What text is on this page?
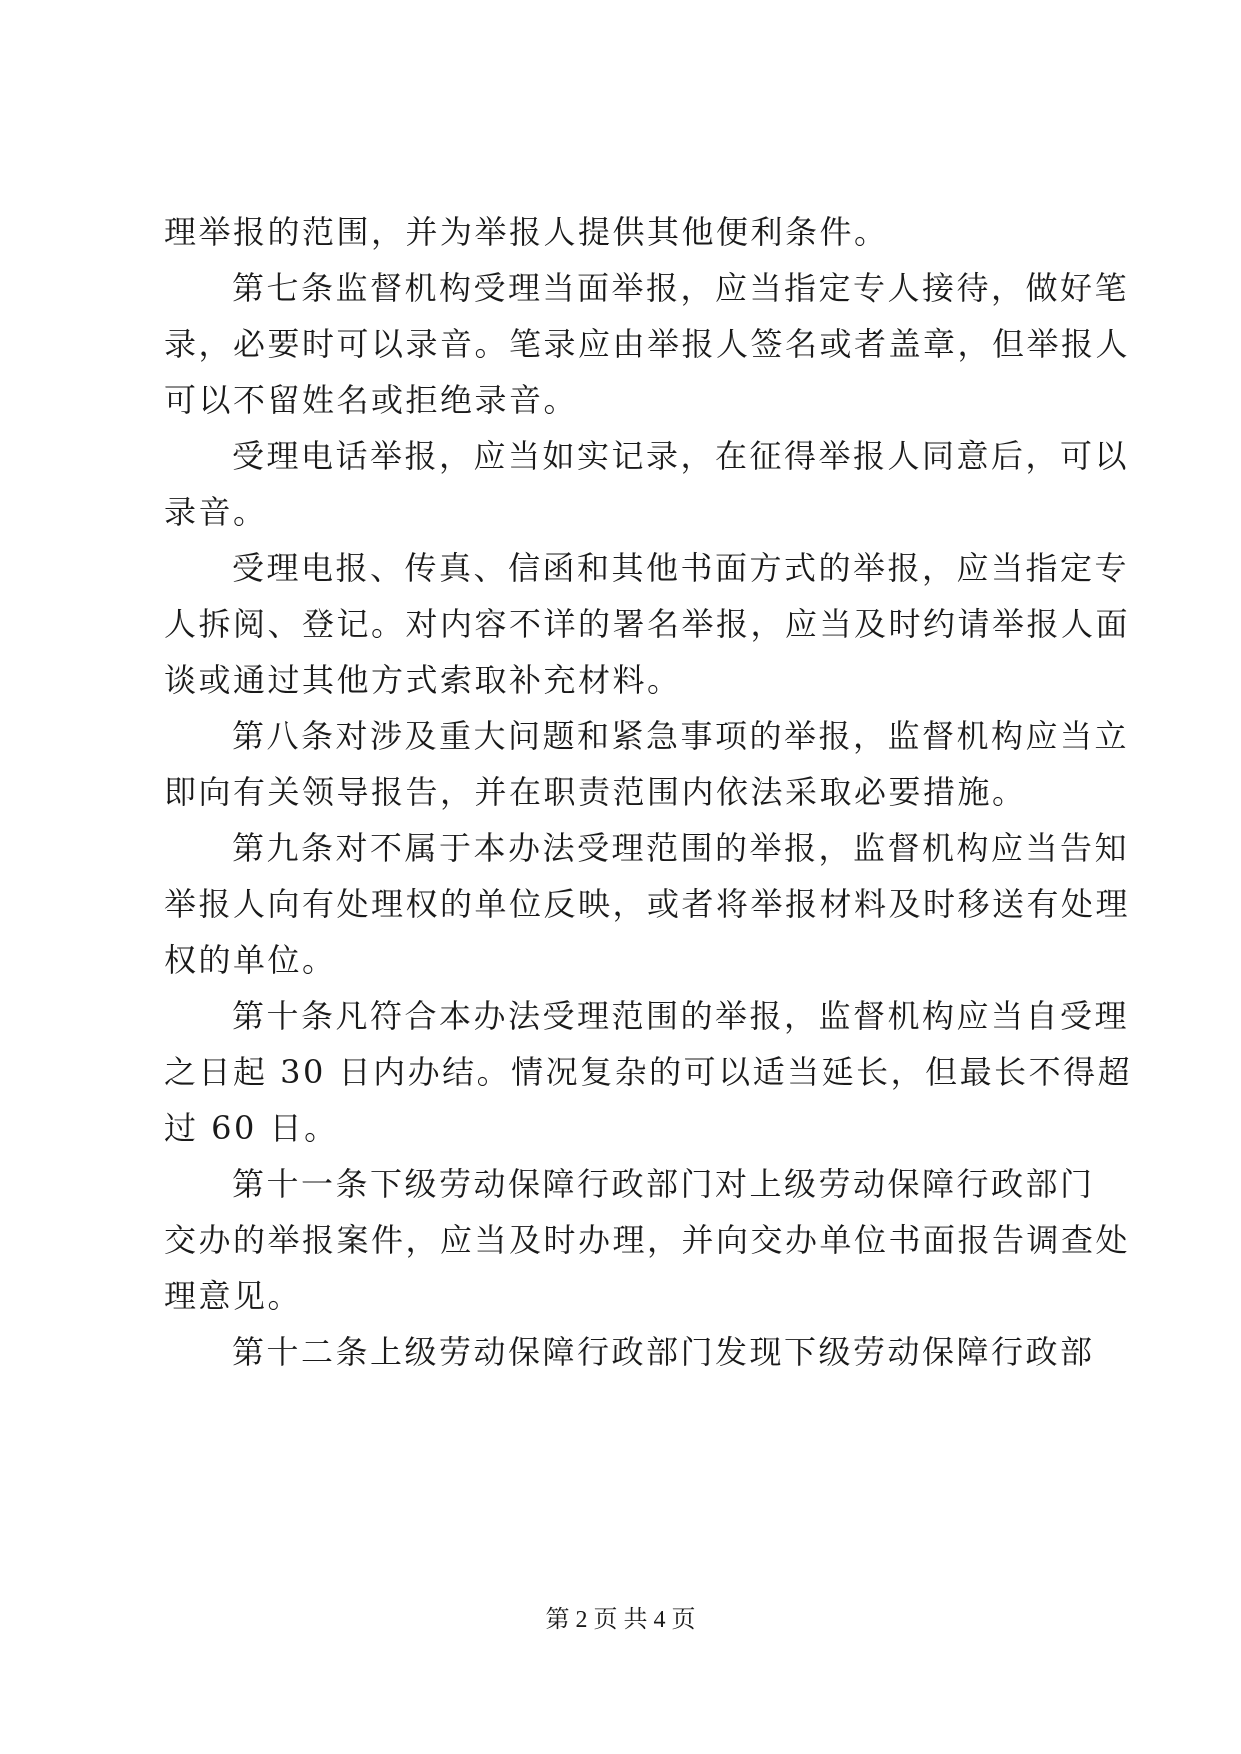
理举报的范围，并为举报人提供其他便利条件。
第七条监督机构受理当面举报，应当指定专人接待，做好笔
录，必要时可以录音。笔录应由举报人签名或者盖章，但举报人
可以不留姓名或拒绝录音。
受理电话举报，应当如实记录，在征得举报人同意后，可以
录音。
受理电报、传真、信函和其他书面方式的举报，应当指定专
人拆阅、登记。对内容不详的署名举报，应当及时约请举报人面
谈或通过其他方式索取补充材料。
第八条对涉及重大问题和紧急事项的举报，监督机构应当立
即向有关领导报告，并在职责范围内依法采取必要措施。
第九条对不属于本办法受理范围的举报，监督机构应当告知
举报人向有处理权的单位反映，或者将举报材料及时移送有处理
权的单位。
第十条凡符合本办法受理范围的举报，监督机构应当自受理
之日起 30 日内办结。情况复杂的可以适当延长，但最长不得超
过 60 日。
第十一条下级劳动保障行政部门对上级劳动保障行政部门
交办的举报案件，应当及时办理，并向交办单位书面报告调查处
理意见。
第十二条上级劳动保障行政部门发现下级劳动保障行政部
第 2 页 共 4 页
